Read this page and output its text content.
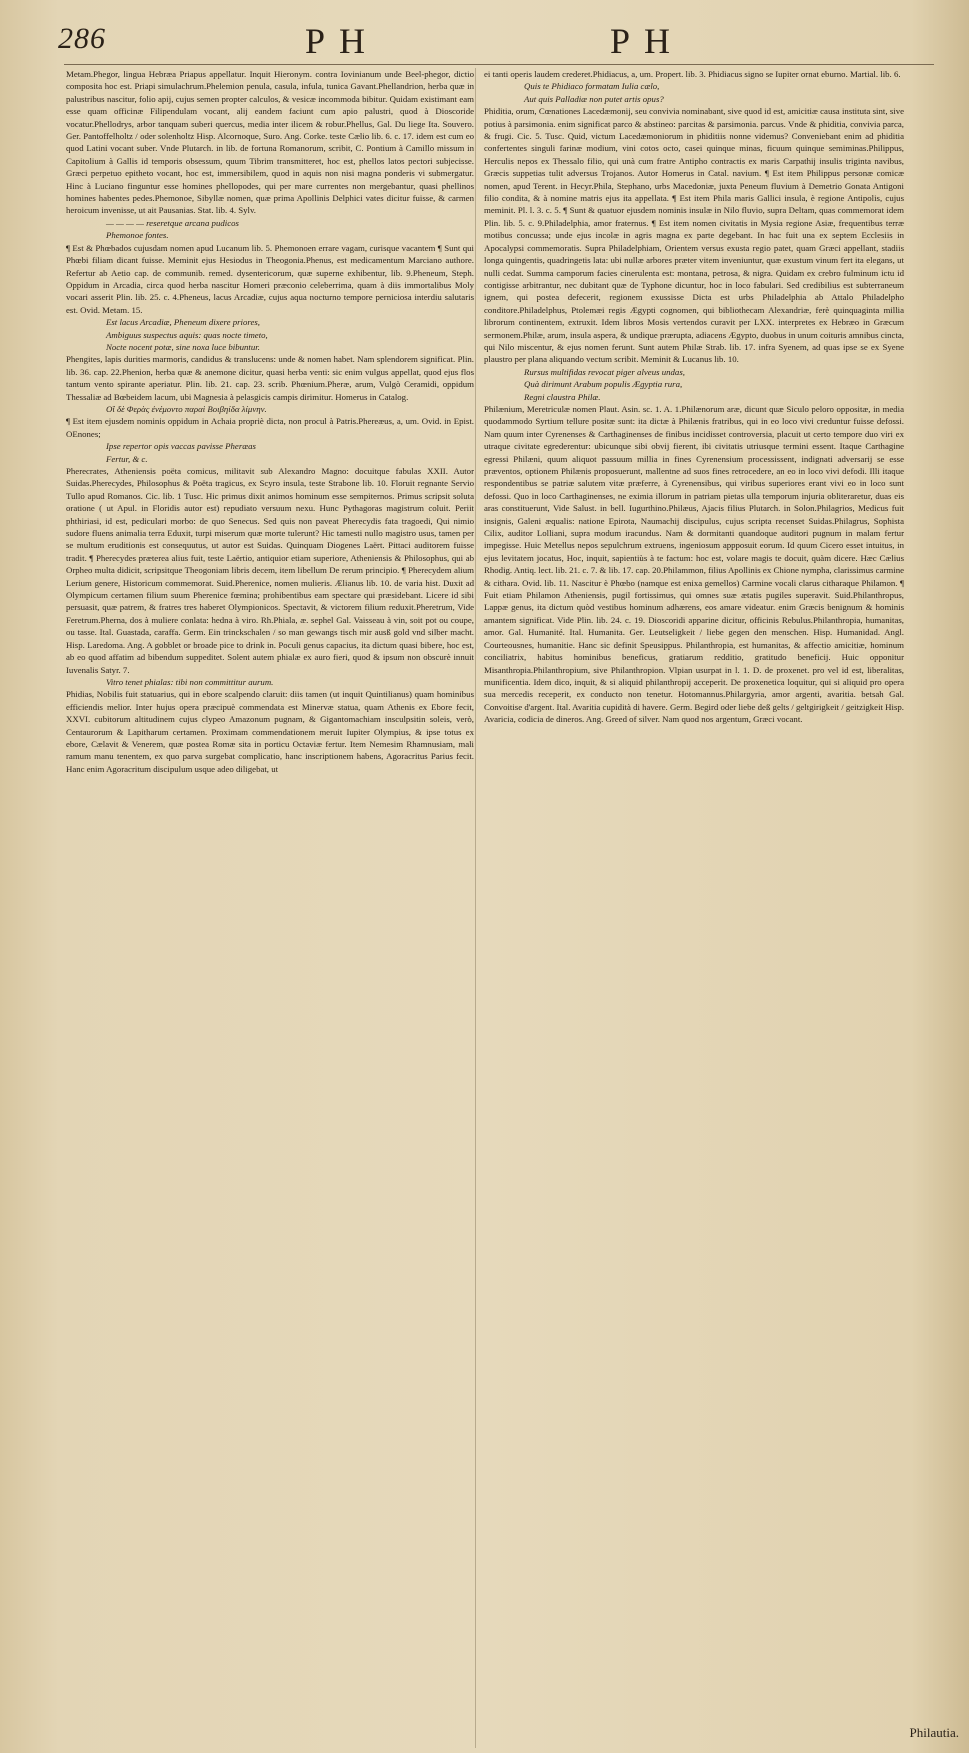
286	PH	PH
Metam.Phegor, lingua Hebræa Priapus appellatur. Inquit Hieronym. contra Iovinianum unde Beel-phegor, dictio composita hoc est. Priapi simulachrum.Phelemion penula, casula, infula, tunica Gavant.Phellandrion, herba quæ in palustribus nascitur, folio apij, cujus semen propter calculos, & vesicæ incommoda bibitur. Quidam existimant eam esse quam officinæ Filipendulam vocant, alij eandem faciunt cum apio palustri, quod à Dioscoride vocatur.Phellodrys, arbor tanquam suberi quercus, media inter ilicem & robur.Phellus, Gal. Du liege Ita. Souvero. Ger. Pantoffelholtz / oder solenholtz Hisp. Alcornoque, Suro. Ang. Corke. teste Cælio lib. 6. c. 17. idem est cum eo quod Latini vocant suber. Vnde Plutarch. in lib. de fortuna Romanorum, scribit, C. Pontium à Camillo missum in Capitolium à Gallis id temporis obsessum, quum Tibrim transmitteret, hoc est, phellos latos pectori subjecisse. Græci perpetuo epitheto vocant, hoc est, immersibilem, quod in aquis non nisi magna ponderis vi submergatur. Hinc à Luciano finguntur esse homines phellopodes, qui per mare currentes non mergebantur, quasi phellinos homines habentes pedes.Phemonoe, Sibyllæ nomen, quæ prima Apollinis Delphici vates dicitur fuisse, & carmen heroicum invenisse, ut ait Pausanias. Stat. lib. 4. Sylv.
— — — — reseretque arcana pudicos
Phemonoe fontes.
¶ Est & Phœbados cujusdam nomen apud Lucanum lib. 5. Phemonoen errare vagam, curisque vacantem ¶ Sunt qui Phœbi filiam dicant fuisse. Meminit ejus Hesiodus in Theogonia.Phenus, est medicamentum Marciano authore. Refertur ab Aetio cap. de communib. remed. dysentericorum, quæ superne exhibentur, lib. 9.Pheneum, Steph. Oppidum in Arcadia, circa quod herba nascitur Homeri præconio celeberrima, quam à diis immortalibus Moly vocari asserit Plin. lib. 25. c. 4.Pheneus, lacus Arcadiæ, cujus aqua nocturno tempore perniciosa interdiu salutaris est. Ovid. Metam. 15.
Est lacus Arcadiæ, Pheneum dixere priores,
Ambiguus suspectus aquis: quas nocte timeto,
Nocte nocent potæ, sine noxa luce bibuntur.
Phengites, lapis durities marmoris, candidus & translucens: unde & nomen habet. Nam splendorem significat. Plin. lib. 36. cap. 22.Phenion, herba quæ & anemone dicitur, quasi herba venti: sic enim vulgus appellat, quod ejus flos tantum vento spirante aperiatur. Plin. lib. 21. cap. 23. scrib. Phœnium.Pheræ, arum, Vulgò Ceramidi, oppidum Thessaliæ ad Bœbeidem lacum, ubi Magnesia à pelasgicis campis dirimitur. Homerus in Catalog.
Οἳ δὲ Φερὰς ἐνέμοντο παραὶ Βοιβηίδα λίμνην.
¶ Est item ejusdem nominis oppidum in Achaia propriè dicta, non procul à Patris.Phereæus, a, um. Ovid. in Epist. OEnones;
Ipse repertor opis vaccas pavisse Pheræas
Fertur, & c.
Pherecrates, Atheniensis poëta comicus, militavit sub Alexandro Magno: docuitque fabulas XXII. Autor Suidas.Pherecydes, Philosophus & Poëta tragicus, ex Scyro insula, teste Strabone lib. 10. Floruit regnante Servio Tullo apud Romanos. Cic. lib. 1 Tusc. Hic primus dixit animos hominum esse sempiternos. Primus scripsit soluta oratione ( ut Apul. in Floridis autor est) repudiato versuum nexu. Hunc Pythagoras magistrum coluit. Periit phthiriasi, id est, pediculari morbo: de quo Senecus. Sed quis non paveat Pherecydis fata tragoedi, Qui nimio sudore fluens animalia terra Eduxit, turpi miserum quæ morte tulerunt? Hic tamesti nullo magistro usus, tamen per se multum eruditionis est consequutus, ut autor est Suidas. Quinquam Diogenes Laërt. Pittaci auditorem fuisse tradit. ¶ Pherecydes præterea alius fuit, teste Laërtio, antiquior etiam superiore, Atheniensis & Philosophus, qui ab Orpheo multa didicit, scripsitque Theogoniam libris decem, item libellum De rerum principio. ¶ Pherecydem alium Lerium genere, Historicum commemorat. Suid.Pherenice, nomen mulieris. Ælianus lib. 10. de varia hist. Duxit ad Olympicum certamen filium suum Pherenice fœmina; prohibentibus eam spectare qui præsidebant. Licere id sibi persuasit, quæ patrem, & fratres tres haberet Olympionicos. Spectavit, & victorem filium reduxit.Pheretrum, Vide Feretrum.Pherna, dos à muliere conlata: hedna à viro. Rh.Phiala, æ. sephel Gal. Vaisseau à vin, soit pot ou coupe, ou tasse. Ital. Guastada, caraffa. Germ. Ein trinckschalen / so man gewangs tisch mir ausß gold vnd silber macht. Hisp. Laredoma. Ang. A gobblet or broade pice to drink in. Poculi genus capacius, ita dictum quasi bibere, hoc est, ab eo quod affatim ad bibendum suppeditet. Solent autem phialæ ex auro fieri, quod & ipsum non obscurè innuit Iuvenalis Satyr. 7.
Vitro tenet phialas: tibi non committitur aurum.
Phidias, Nobilis fuit statuarius, qui in ebore scalpendo claruit: diis tamen (ut inquit Quintilianus) quam hominibus efficiendis melior. Inter hujus opera præcipuè commendata est Minervæ statua, quam Athenis ex Ebore fecit, XXVI. cubitorum altitudinem cujus clypeo Amazonum pugnam, & Gigantomachiam insculpsitin soleis, verò, Centaurorum & Lapitharum certamen. Proximam commendationem meruit Iupiter Olympius, & ipse totus ex ebore, Cælavit & Venerem, quæ postea Romæ sita in porticu Octaviæ fertur. Item Nemesim Rhamnusiam, mali ramum manu tenentem, ex quo parva surgebat complicatio, hanc inscriptionem habens, Agoracritus Parius fecit. Hanc enim Agoracritum discipulum usque adeo diligebat, ut
ei tanti operis laudem crederet.Phidiacus, a, um. Propert. lib. 3. Phidiacus signo se Iupiter ornat eburno. Martial. lib. 6.
Quis te Phidiaco formatam Iulia cælo,
Aut quis Palladiæ non putet artis opus?
Phiditia, orum, Cœnationes Lacedæmonij, seu convivia nominabant, sive quod id est, amicitiæ causa instituta sint, sive potius à parsimonia. enim significat parco & abstineo: parcitas & parsimonia. parcus. Vnde & phiditia, convivia parca, & frugi. Cic. 5. Tusc. Quid, victum Lacedæmoniorum in phiditiis nonne videmus? Conveniebant enim ad phiditia confertentes singuli farinæ modium, vini cotos octo, casei quinque minas, ficuum quinque semiminas.Philippus, Herculis nepos ex Thessalo filio, qui unà cum fratre Antipho contractis ex maris Carpathij insulis triginta navibus, Græcis suppetias tulit adversus Trojanos. Autor Homerus in Catal. navium. ¶ Est item Philippus personæ comicæ nomen, apud Terent. in Hecyr.Phila, Stephano, urbs Macedoniæ, juxta Peneum fluvium à Demetrio Gonata Antigoni filio condita, & à nomine matris ejus ita appellata. ¶ Est item Phila maris Gallici insula, è regione Antipolis, cujus meminit. Pl. l. 3. c. 5. ¶ Sunt & quatuor ejusdem nominis insulæ in Nilo fluvio, supra Deltam, quas commemorat idem Plin. lib. 5. c. 9.Philadelphia, amor fraternus. ¶ Est item nomen civitatis in Mysia regione Asiæ, frequentibus terræ motibus concussa; unde ejus incolæ in agris magna ex parte degebant. In hac fuit una ex septem Ecclesiis in Apocalypsi commemoratis. Supra Philadelphiam, Orientem versus exusta regio patet, quam Græci appellant, stadiis longa quingentis, quadringetis lata: ubi nullæ arbores præter vitem inveniuntur, quæ exustum vinum fert ita elegans, ut nulli cedat. Summa camporum facies cinerulenta est: montana, petrosa, & nigra. Quidam ex crebro fulminum ictu id contigisse arbitrantur, nec dubitant quæ de Typhone dicuntur, hoc in loco fabulari. Sed credibilius est subterraneum ignem, qui postea defecerit, regionem exussisse Dicta est urbs Philadelphia ab Attalo Philadelpho conditore.Philadelphus, Ptolemæi regis Ægypti cognomen, qui bibliothecam Alexandriæ, ferè quinquaginta millia librorum continentem, extruxit. Idem libros Mosis vertendos curavit per LXX. interpretes ex Hebræo in Græcum sermonem.Philæ, arum, insula aspera, & undique prærupta, adiacens Ægypto, duobus in unum coituris amnibus cincta, qui Nilo miscentur, & ejus nomen ferunt. Sunt autem Philæ Strab. lib. 17. infra Syenem, ad quas ipse se ex Syene plaustro per plana aliquando vectum scribit. Meminit & Lucanus lib. 10.
Rursus multifidas revocat piger alveus undas,
Quà dirimunt Arabum populis Ægyptia rura,
Regni claustra Philæ.
Philænium, Meretriculæ nomen Plaut. Asin. sc. 1. A. 1.Philænorum aræ, dicunt quæ Siculo peloro oppositæ, in media quodammodo Syrtium tellure positæ sunt: ita dictæ à Philænis fratribus, qui in eo loco vivi creduntur fuisse defossi. Nam quum inter Cyrenenses & Carthaginenses de finibus incidisset controversia, placuit ut certo tempore duo viri ex utraque civitate egrederentur: ubicunque sibi obvij fierent, ibi civitatis utriusque termini essent. Itaque Carthagine egressi Philæni, quum aliquot passuum millia in fines Cyrenensium processissent, indignati adversarij se esse præventos, optionem Philænis proposuerunt, mallentne ad suos fines retrocedere, an eo in loco vivi defodi. Illi itaque respondentibus se patriæ salutem vitæ præferre, à Cyrenensibus, qui viribus superiores erant vivi eo in loco sunt defossi. Quo in loco Carthaginenses, ne eximia illorum in patriam pietas ulla temporum injuria obliteraretur, duas eis aras constituerunt, Vide Salust. in bell. Iugurthino.Philæus, Ajacis filius Plutarch. in Solon.Philagrios, Medicus fuit insignis, Galeni æqualis: natione Epirota, Naumachij discipulus, cujus scripta recenset Suidas.Philagrus, Sophista Cilix, auditor Lolliani, supra modum iracundus. Nam & dormitanti quandoque auditori pugnum in malam fertur impegisse. Huic Metellus nepos sepulchrum extruens, ingeniosum appposuit eorum. Id quum Cicero esset intuitus, in ejus levitatem jocatus, Hoc, inquit, sapientiùs à te factum: hoc est, volare magis te docuit, quàm dicere. Hæc Cælius Rhodig. Antiq. lect. lib. 21. c. 7. & lib. 17. cap. 20.Philammon, filius Apollinis ex Chione nympha, clarissimus carmine & cithara. Ovid. lib. 11. Nascitur è Phœbo (namque est enixa gemellos) Carmine vocali clarus citharaque Philamon. ¶ Fuit etiam Philamon Atheniensis, pugil fortissimus, qui omnes suæ ætatis pugiles superavit. Suid.Philanthropus, Lappæ genus, ita dictum quòd vestibus hominum adhærens, eos amare videatur. enim Græcis benignum & hominis amantem significat. Vide Plin. lib. 24. c. 19. Dioscoridi apparine dicitur, officinis Rebulus.Philanthropia, humanitas, amor. Gal. Humanité. Ital. Humanita. Ger. Leutseligkeit / liebe gegen den menschen. Hisp. Humanidad. Angl. Courteousnes, humanitie. Hanc sic definit Speusippus. Philanthropia, est humanitas, & affectio amicitiæ, hominum conciliatrix, habitus hominibus beneficus, gratiarum redditio, gratitudo beneficij. Huic opponitur Misanthropia.Philanthropium, sive Philanthropion. Vlpian usurpat in l. 1. D. de proxenet. pro vel id est, liberalitas, munificentia. Idem dico, inquit, & si aliquid philanthropij acceperit. De proxenetica loquitur, qui si aliquid pro opera sua mercedis receperit, ex conducto non tenetur. Hotomannus.Philargyria, amor argenti, avaritia. betsah Gal. Convoitise d'argent. Ital. Avaritia cupidità di havere. Germ. Begird oder liebe deß gelts / geltgirigkeit / geitzigkeit Hisp. Avaricia, codicia de dineros. Ang. Greed of silver. Nam quod nos argentum, Græci vocant.
Philautia.
